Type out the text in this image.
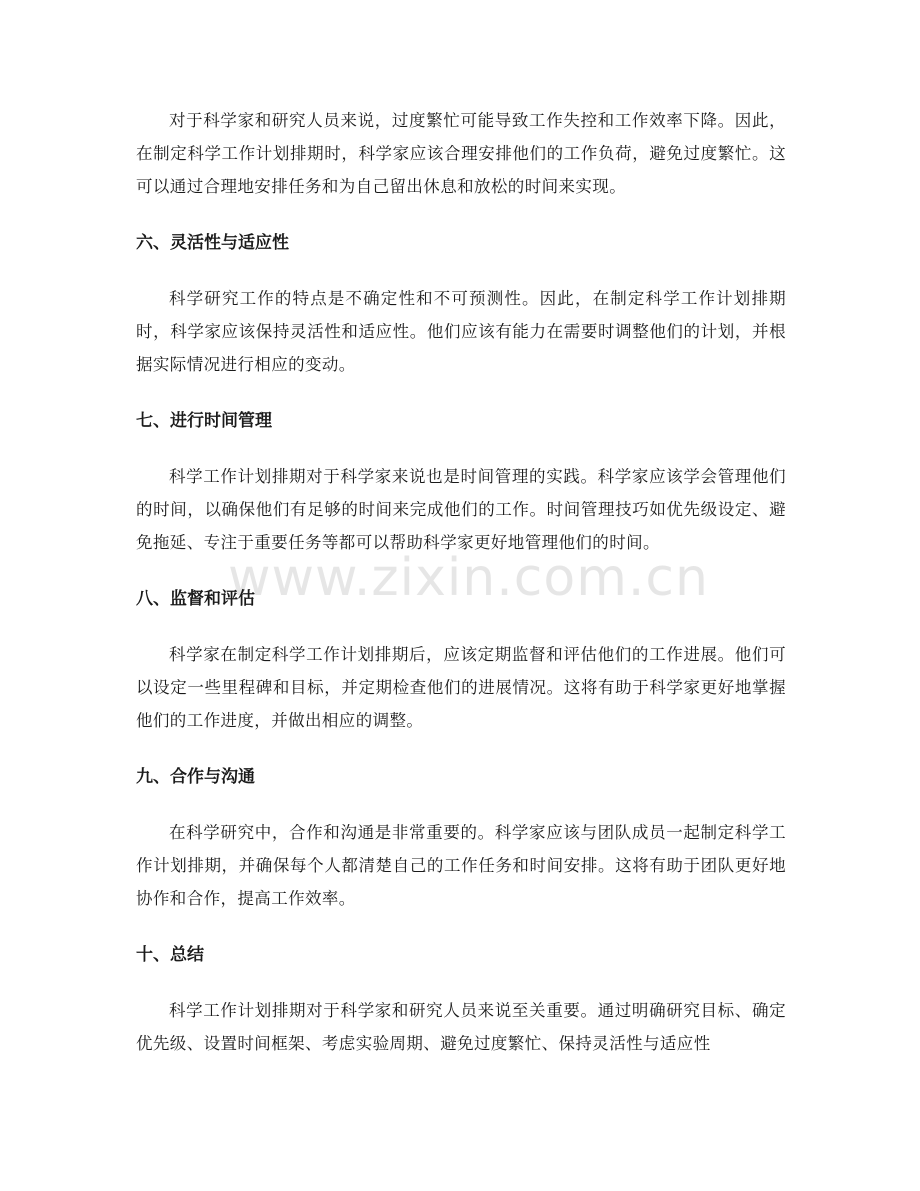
www.zixin.com.cn

对于科学家和研究人员来说，过度繁忙可能导致工作失控和工作效率下降。因此，在制定科学工作计划排期时，科学家应该合理安排他们的工作负荷，避免过度繁忙。这可以通过合理地安排任务和为自己留出休息和放松的时间来实现。

六、灵活性与适应性

科学研究工作的特点是不确定性和不可预测性。因此，在制定科学工作计划排期时，科学家应该保持灵活性和适应性。他们应该有能力在需要时调整他们的计划，并根据实际情况进行相应的变动。

七、进行时间管理

科学工作计划排期对于科学家来说也是时间管理的实践。科学家应该学会管理他们的时间，以确保他们有足够的时间来完成他们的工作。时间管理技巧如优先级设定、避免拖延、专注于重要任务等都可以帮助科学家更好地管理他们的时间。

八、监督和评估

科学家在制定科学工作计划排期后，应该定期监督和评估他们的工作进展。他们可以设定一些里程碑和目标，并定期检查他们的进展情况。这将有助于科学家更好地掌握他们的工作进度，并做出相应的调整。

九、合作与沟通

在科学研究中，合作和沟通是非常重要的。科学家应该与团队成员一起制定科学工作计划排期，并确保每个人都清楚自己的工作任务和时间安排。这将有助于团队更好地协作和合作，提高工作效率。

十、总结

科学工作计划排期对于科学家和研究人员来说至关重要。通过明确研究目标、确定优先级、设置时间框架、考虑实验周期、避免过度繁忙、保持灵活性与适应性
